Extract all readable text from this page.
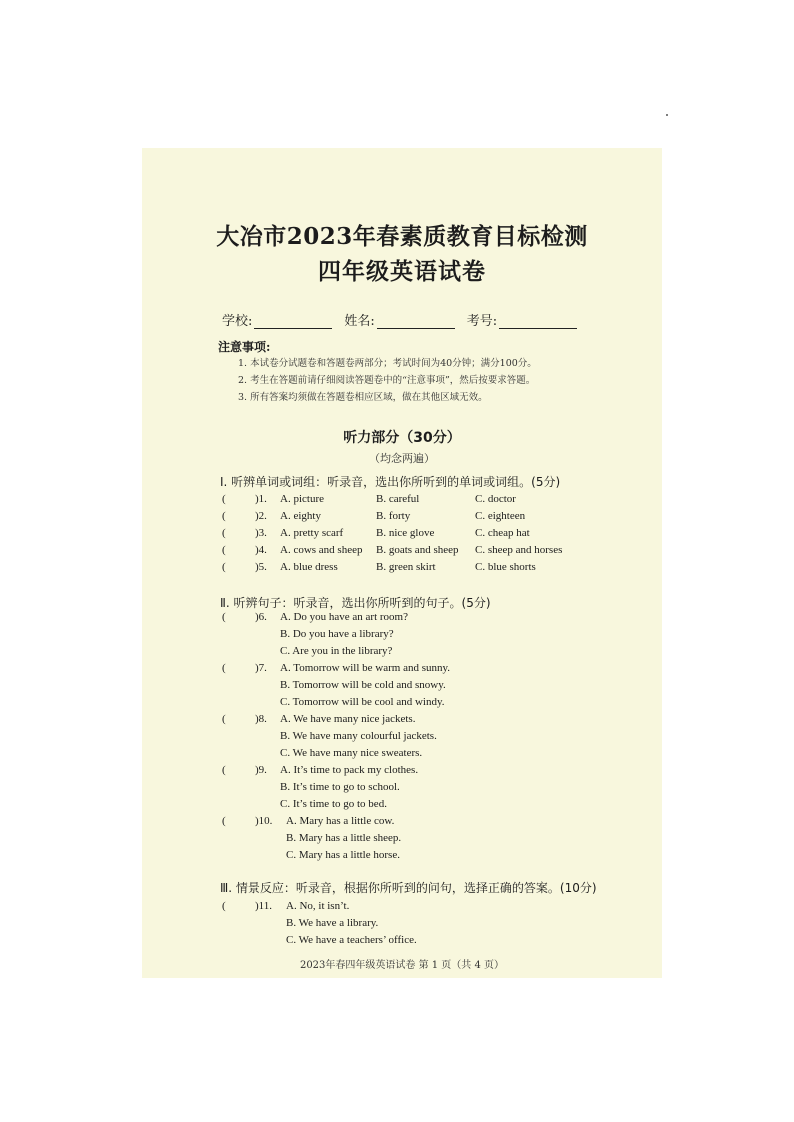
大冶市2023年春素质教育目标检测
四年级英语试卷
学校:	姓名:	考号:
注意事项:
1. 本试卷分试题卷和答题卷两部分；考试时间为40分钟；满分100分。
2. 考生在答题前请仔细阅读答题卷中的“注意事项”，然后按要求答题。
3. 所有答案均须做在答题卷相应区域，做在其他区域无效。
听力部分（30分）
（均念两遍）
Ⅰ. 听辨单词或词组：听录音，选出你所听到的单词或词组。(5分)
(	)1. A. picture	B. careful	C. doctor
(	)2. A. eighty	B. forty	C. eighteen
(	)3. A. pretty scarf	B. nice glove	C. cheap hat
(	)4. A. cows and sheep B. goats and sheep C. sheep and horses
(	)5. A. blue dress	B. green skirt	C. blue shorts
Ⅱ. 听辨句子：听录音，选出你所听到的句子。(5分)
(	)6. A. Do you have an art room?
B. Do you have a library?
C. Are you in the library?
(	)7. A. Tomorrow will be warm and sunny.
B. Tomorrow will be cold and snowy.
C. Tomorrow will be cool and windy.
(	)8. A. We have many nice jackets.
B. We have many colourful jackets.
C. We have many nice sweaters.
(	)9. A. It’s time to pack my clothes.
B. It’s time to go to school.
C. It’s time to go to bed.
(	)10. A. Mary has a little cow.
B. Mary has a little sheep.
C. Mary has a little horse.
Ⅲ. 情景反应：听录音，根据你所听到的问句，选择正确的答案。(10分)
(	)11. A. No, it isn’t.
B. We have a library.
C. We have a teachers’ office.
2023年春四年级英语试卷 第 1 页（共 4 页）
